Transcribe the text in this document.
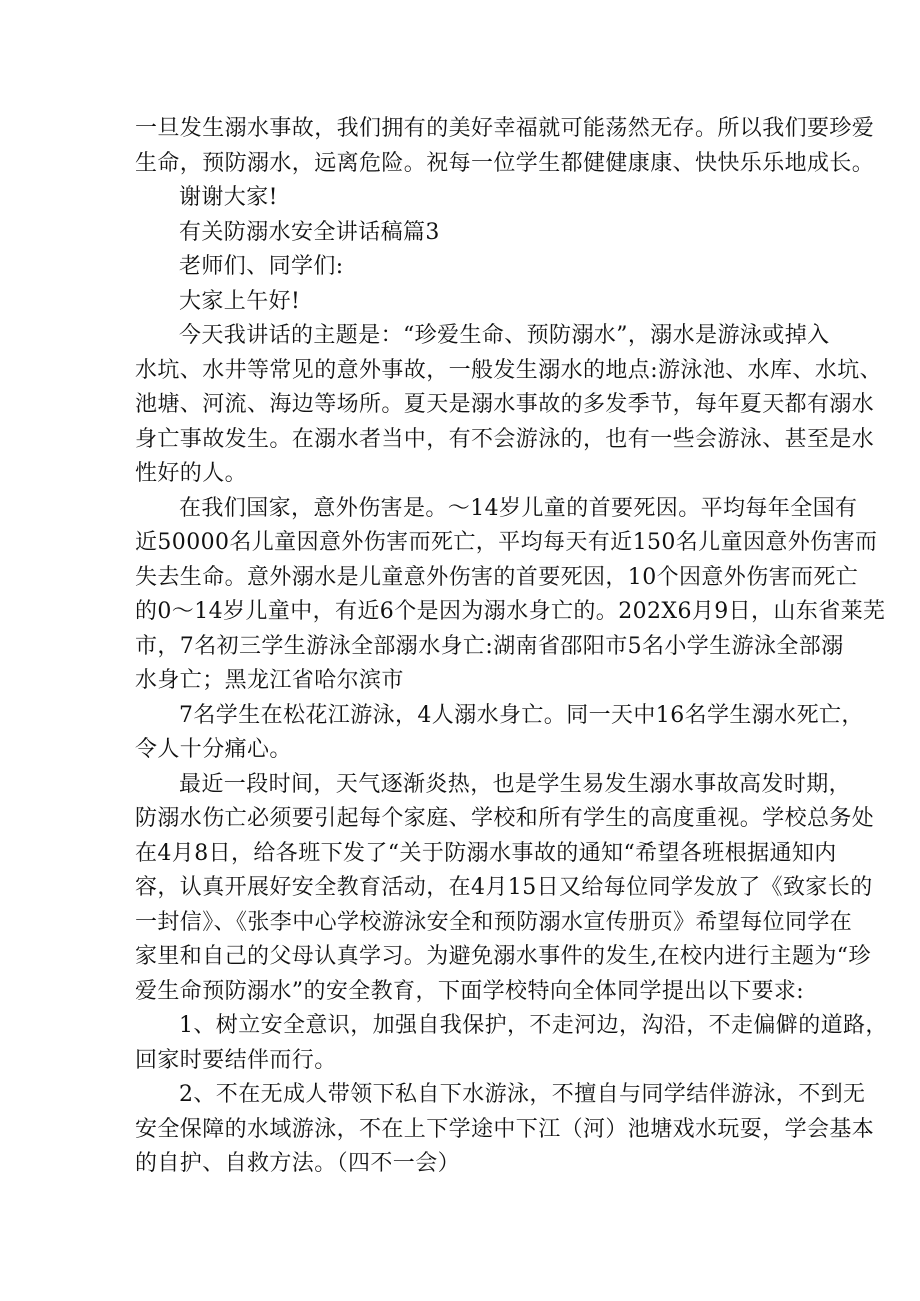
一旦发生溺水事故，我们拥有的美好幸福就可能荡然无存。所以我们要珍爱
生命，预防溺水，远离危险。祝每一位学生都健健康康、快快乐乐地成长。
谢谢大家!
有关防溺水安全讲话稿篇3
老师们、同学们:
大家上午好!
今天我讲话的主题是：“珍爱生命、预防溺水”，溺水是游泳或掉入
水坑、水井等常见的意外事故，一般发生溺水的地点:游泳池、水库、水坑、
池塘、河流、海边等场所。夏天是溺水事故的多发季节，每年夏天都有溺水
身亡事故发生。在溺水者当中，有不会游泳的，也有一些会游泳、甚至是水
性好的人。
在我们国家，意外伤害是。〜14岁儿童的首要死因。平均每年全国有
近50000名儿童因意外伤害而死亡，平均每天有近150名儿童因意外伤害而
失去生命。意外溺水是儿童意外伤害的首要死因，10个因意外伤害而死亡
的0～14岁儿童中，有近6个是因为溺水身亡的。202X6月9日，山东省莱芜
市，7名初三学生游泳全部溺水身亡:湖南省邵阳市5名小学生游泳全部溺
水身亡；黑龙江省哈尔滨市
7名学生在松花江游泳，4人溺水身亡。同一天中16名学生溺水死亡，
令人十分痛心。
最近一段时间，天气逐渐炎热，也是学生易发生溺水事故高发时期，
防溺水伤亡必须要引起每个家庭、学校和所有学生的高度重视。学校总务处
在4月8日，给各班下发了“关于防溺水事故的通知“希望各班根据通知内
容，认真开展好安全教育活动，在4月15日又给每位同学发放了《致家长的
一封信》、《张李中心学校游泳安全和预防溺水宣传册页》希望每位同学在
家里和自己的父母认真学习。为避免溺水事件的发生,在校内进行主题为“珍
爱生命预防溺水”的安全教育，下面学校特向全体同学提出以下要求:
1、树立安全意识，加强自我保护，不走河边，沟沿，不走偏僻的道路，
回家时要结伴而行。
2、不在无成人带领下私自下水游泳，不擅自与同学结伴游泳，不到无
安全保障的水域游泳，不在上下学途中下江（河）池塘戏水玩耍，学会基本
的自护、自救方法。（四不一会）
